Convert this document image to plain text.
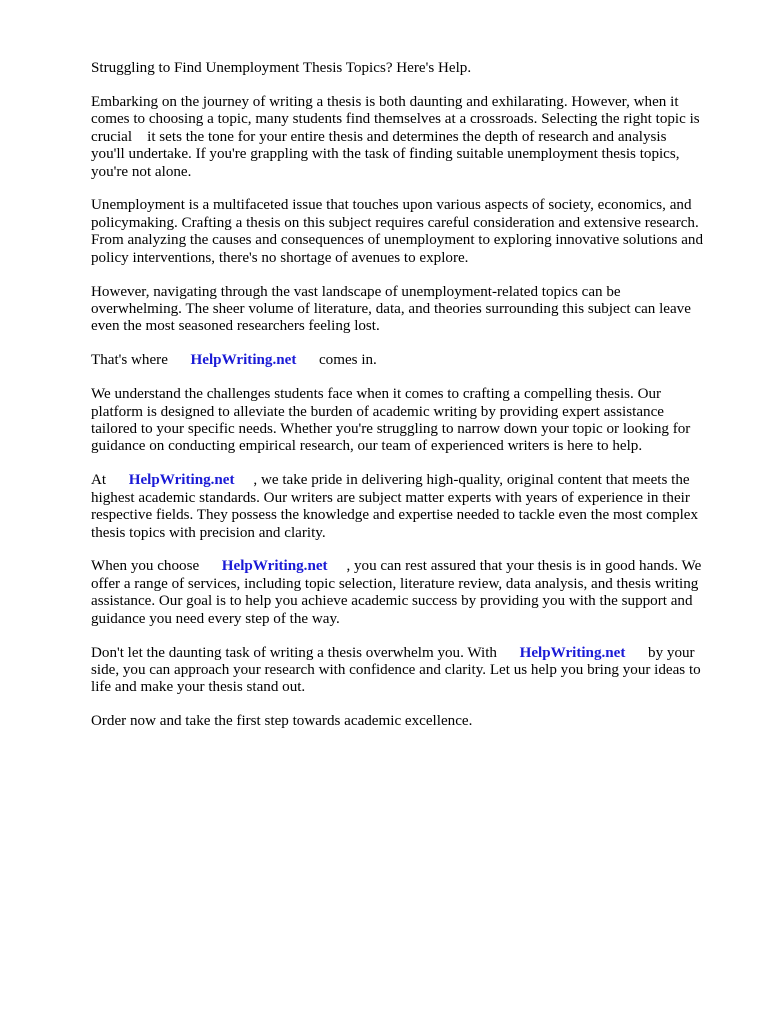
Struggling to Find Unemployment Thesis Topics? Here's Help.

Embarking on the journey of writing a thesis is both daunting and exhilarating. However, when it
comes to choosing a topic, many students find themselves at a crossroads. Selecting the right topic is
crucial    it sets the tone for your entire thesis and determines the depth of research and analysis
you'll undertake. If you're grappling with the task of finding suitable unemployment thesis topics,
you're not alone.

Unemployment is a multifaceted issue that touches upon various aspects of society, economics, and
policymaking. Crafting a thesis on this subject requires careful consideration and extensive research.
From analyzing the causes and consequences of unemployment to exploring innovative solutions and
policy interventions, there's no shortage of avenues to explore.

However, navigating through the vast landscape of unemployment-related topics can be
overwhelming. The sheer volume of literature, data, and theories surrounding this subject can leave
even the most seasoned researchers feeling lost.

That's where      HelpWriting.net      comes in.

We understand the challenges students face when it comes to crafting a compelling thesis. Our
platform is designed to alleviate the burden of academic writing by providing expert assistance
tailored to your specific needs. Whether you're struggling to narrow down your topic or looking for
guidance on conducting empirical research, our team of experienced writers is here to help.

At      HelpWriting.net     , we take pride in delivering high-quality, original content that meets the
highest academic standards. Our writers are subject matter experts with years of experience in their
respective fields. They possess the knowledge and expertise needed to tackle even the most complex
thesis topics with precision and clarity.

When you choose      HelpWriting.net     , you can rest assured that your thesis is in good hands. We
offer a range of services, including topic selection, literature review, data analysis, and thesis writing
assistance. Our goal is to help you achieve academic success by providing you with the support and
guidance you need every step of the way.

Don't let the daunting task of writing a thesis overwhelm you. With      HelpWriting.net      by your
side, you can approach your research with confidence and clarity. Let us help you bring your ideas to
life and make your thesis stand out.

Order now and take the first step towards academic excellence.
